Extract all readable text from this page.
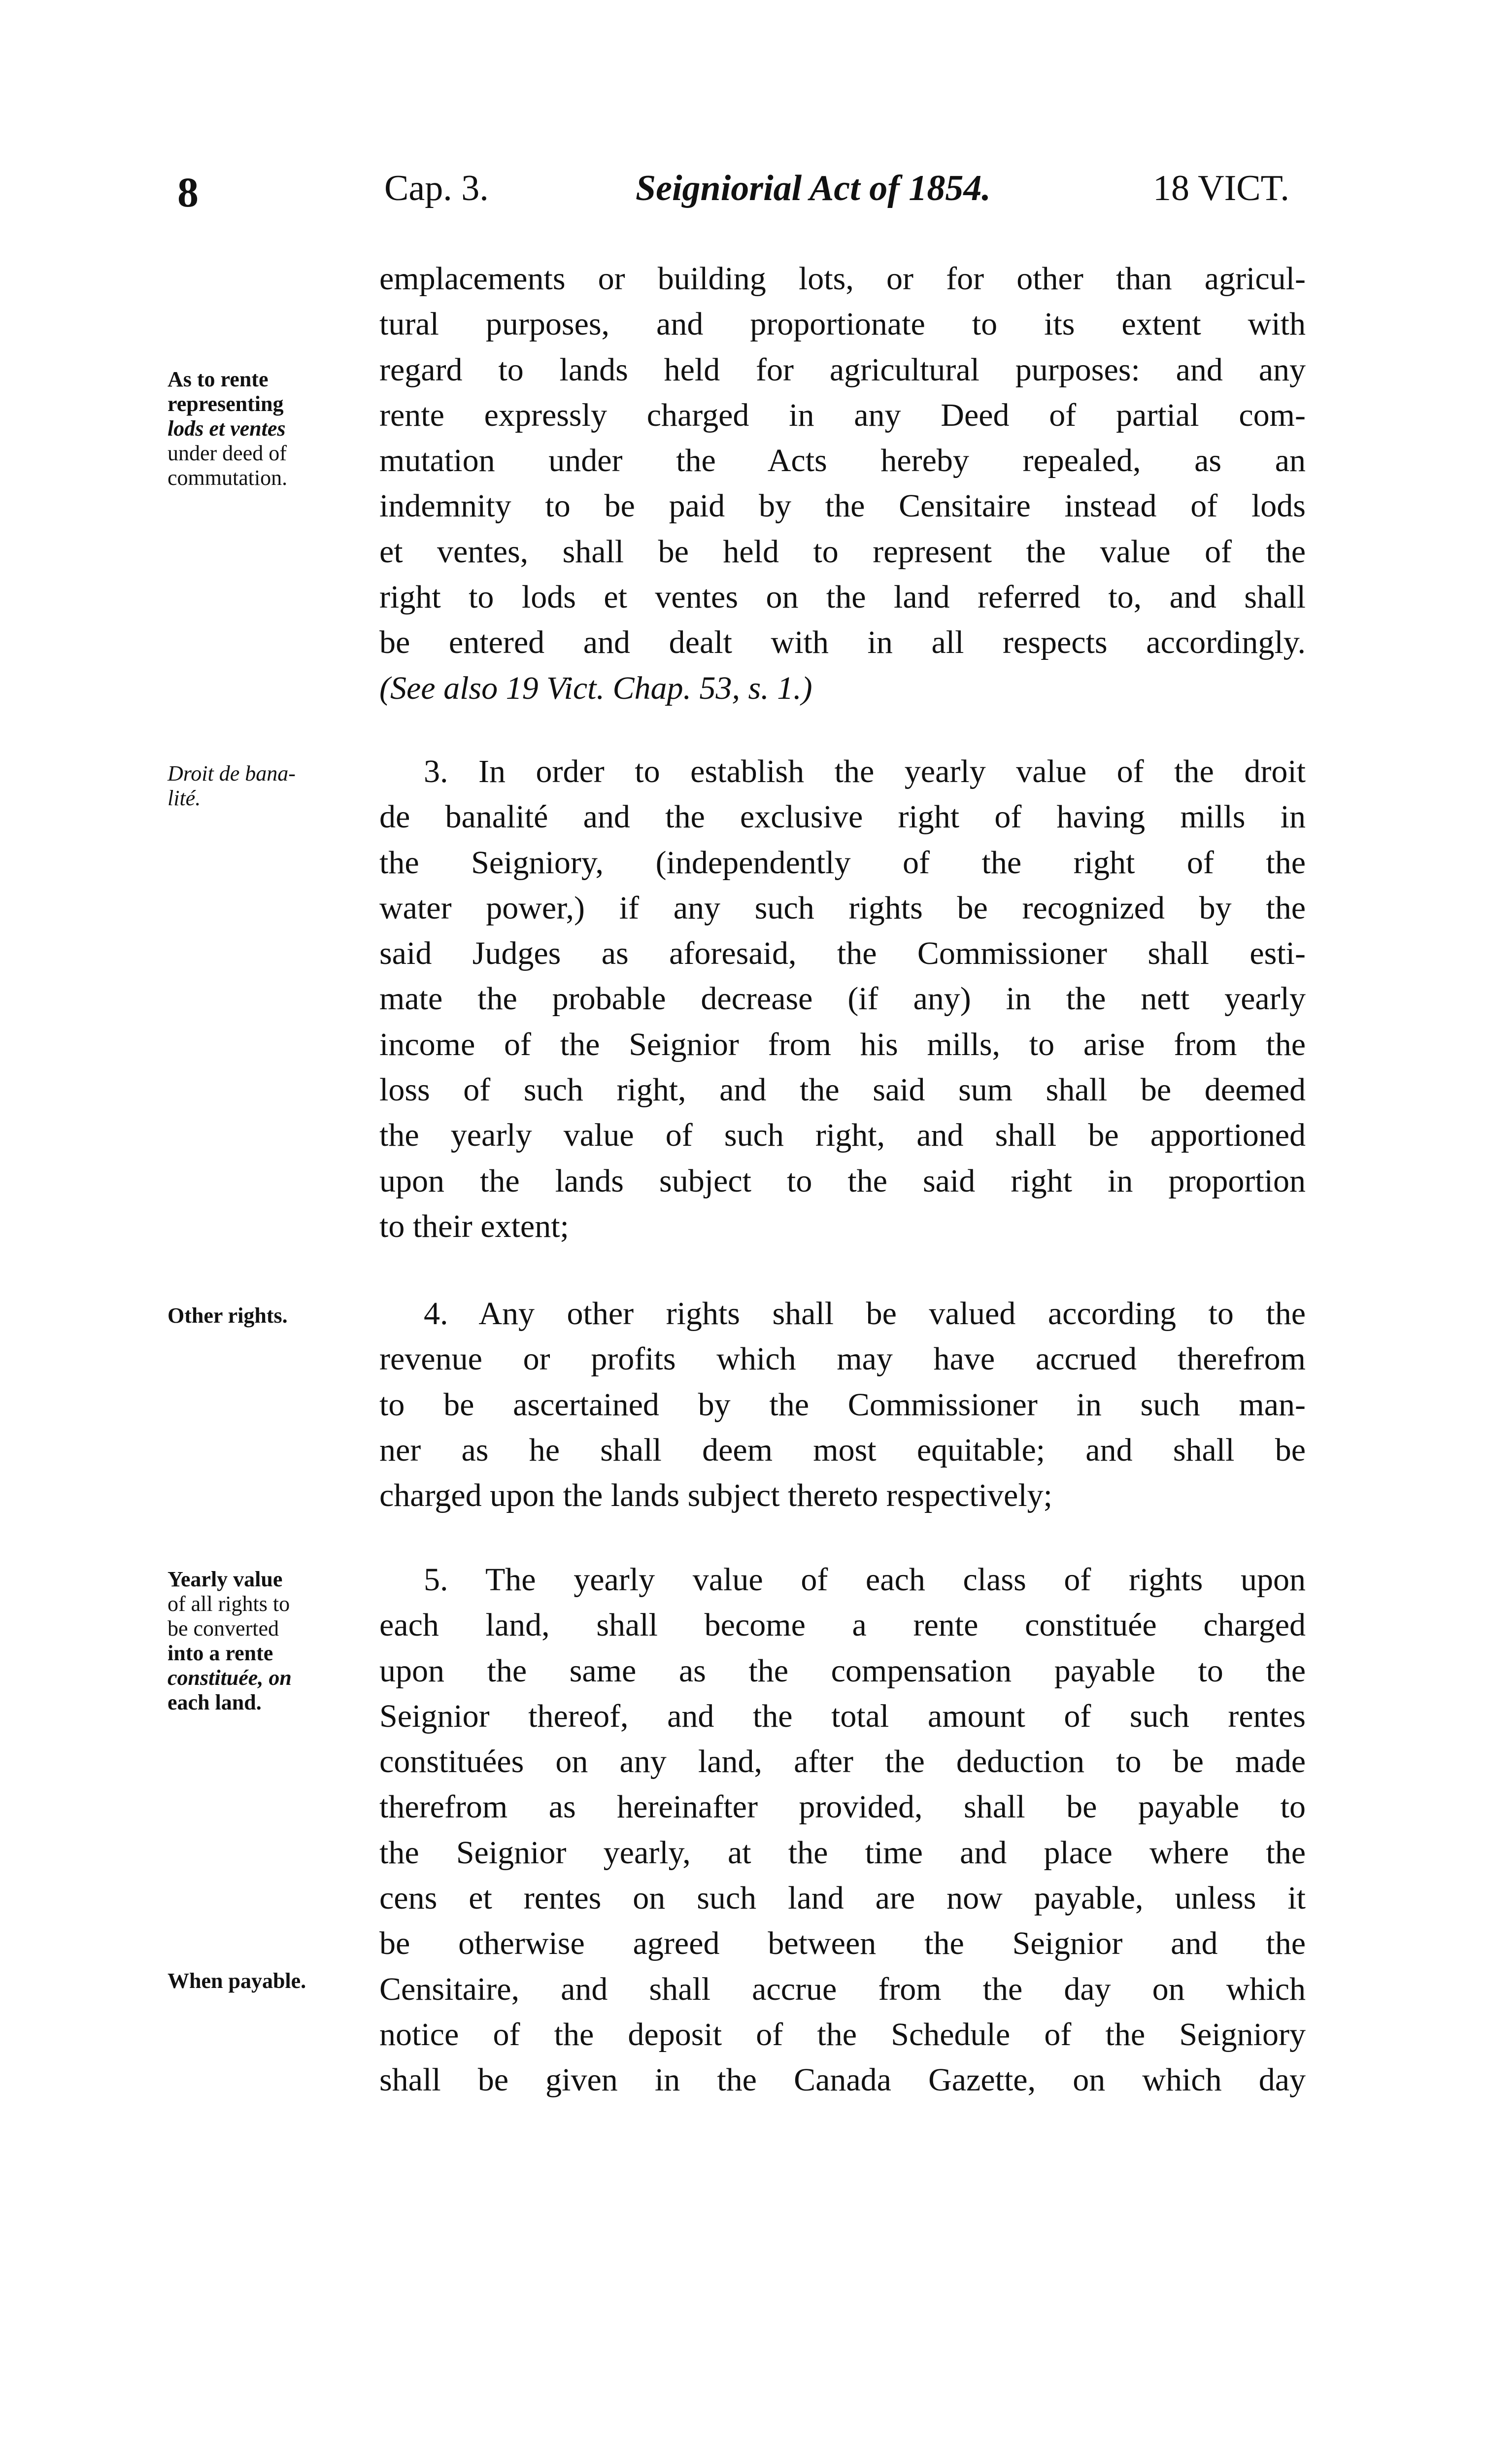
8	Cap. 3.	Seigniorial Act of 1854.	18 VICT.
emplacements or building lots, or for other than agricul-
tural purposes, and proportionate to its extent with
regard to lands held for agricultural purposes: and any
rente expressly charged in any Deed of partial com-
mutation under the Acts hereby repealed, as an
indemnity to be paid by the Censitaire instead of lods
et ventes, shall be held to represent the value of the
right to lods et ventes on the land referred to, and shall
be entered and dealt with in all respects accordingly.
(See also 19 Vict. Chap. 53, s. 1.)
3. In order to establish the yearly value of the droit
de banalité and the exclusive right of having mills in
the Seigniory, (independently of the right of the
water power,) if any such rights be recognized by the
said Judges as aforesaid, the Commissioner shall esti-
mate the probable decrease (if any) in the nett yearly
income of the Seignior from his mills, to arise from the
loss of such right, and the said sum shall be deemed
the yearly value of such right, and shall be apportioned
upon the lands subject to the said right in proportion
to their extent;
4. Any other rights shall be valued according to the
revenue or profits which may have accrued therefrom
to be ascertained by the Commissioner in such man-
ner as he shall deem most equitable; and shall be
charged upon the lands subject thereto respectively;
5. The yearly value of each class of rights upon
each land, shall become a rente constituée charged
upon the same as the compensation payable to the
Seignior thereof, and the total amount of such rentes
constituées on any land, after the deduction to be made
therefrom as hereinafter provided, shall be payable to
the Seignior yearly, at the time and place where the
cens et rentes on such land are now payable, unless it
be otherwise agreed between the Seignior and the
Censitaire, and shall accrue from the day on which
notice of the deposit of the Schedule of the Seigniory
shall be given in the Canada Gazette, on which day
As to rente
representing
lods et ventes
under deed of
commutation.
Droit de bana-
lité.
Other rights.
Yearly value
of all rights to
be converted
into a rente
constituée, on
each land.
When payable.
